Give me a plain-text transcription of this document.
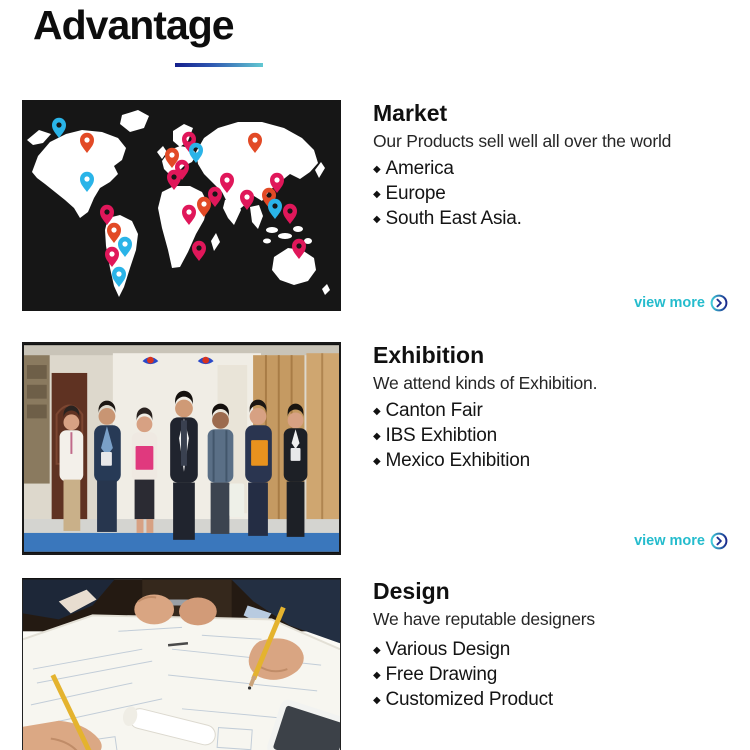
Advantage
Market

Our Products sell well all over the world

◆ America
◆ Europe
◆ South East Asia.
view more
Exhibition

We attend kinds of Exhibition.

◆ Canton Fair
◆ IBS Exhibtion
◆ Mexico Exhibition
view more
Design

We have reputable designers

◆ Various Design
◆ Free Drawing
◆ Customized Product
